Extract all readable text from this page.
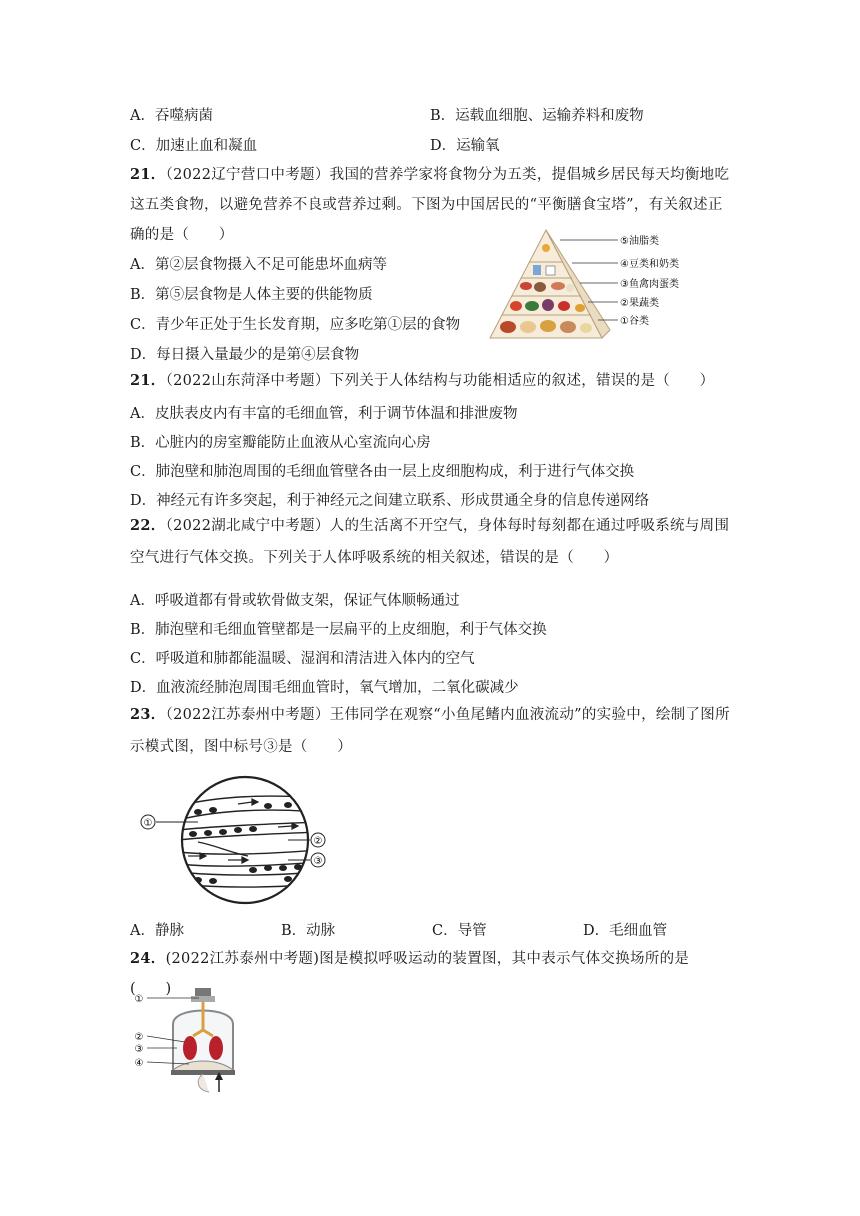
A．吞噬病菌	B．运载血细胞、运输养料和废物
C．加速止血和凝血	D．运输氧
21．（2022辽宁营口中考题）我国的营养学家将食物分为五类，提倡城乡居民每天均衡地吃
这五类食物，以避免营养不良或营养过剩。下图为中国居民的“平衡膳食宝塔”，有关叙述正
确的是（　　）
A．第②层食物摄入不足可能患坏血病等
B．第⑤层食物是人体主要的供能物质
C．青少年正处于生长发育期，应多吃第①层的食物
D．每日摄入量最少的是第④层食物
⑤油脂类
④豆类和奶类
③鱼禽肉蛋类
②果蔬类
①谷类
21．（2022山东菏泽中考题）下列关于人体结构与功能相适应的叙述，错误的是（　　）
A．皮肤表皮内有丰富的毛细血管，利于调节体温和排泄废物
B．心脏内的房室瓣能防止血液从心室流向心房
C．肺泡壁和肺泡周围的毛细血管壁各由一层上皮细胞构成，利于进行气体交换
D．神经元有许多突起，利于神经元之间建立联系、形成贯通全身的信息传递网络
22．（2022湖北咸宁中考题）人的生活离不开空气，身体每时每刻都在通过呼吸系统与周围
空气进行气体交换。下列关于人体呼吸系统的相关叙述，错误的是（　　）
A．呼吸道都有骨或软骨做支架，保证气体顺畅通过
B．肺泡壁和毛细血管壁都是一层扁平的上皮细胞，利于气体交换
C．呼吸道和肺都能温暖、湿润和清洁进入体内的空气
D．血液流经肺泡周围毛细血管时，氧气增加，二氧化碳减少
23．（2022江苏泰州中考题）王伟同学在观察“小鱼尾鳍内血液流动”的实验中，绘制了图所
示模式图，图中标号③是（　　）
①
②
③
A．静脉	B．动脉	C．导管	D．毛细血管
24．(2022江苏泰州中考题)图是模拟呼吸运动的装置图，其中表示气体交换场所的是(　　)
①
②
③
④
